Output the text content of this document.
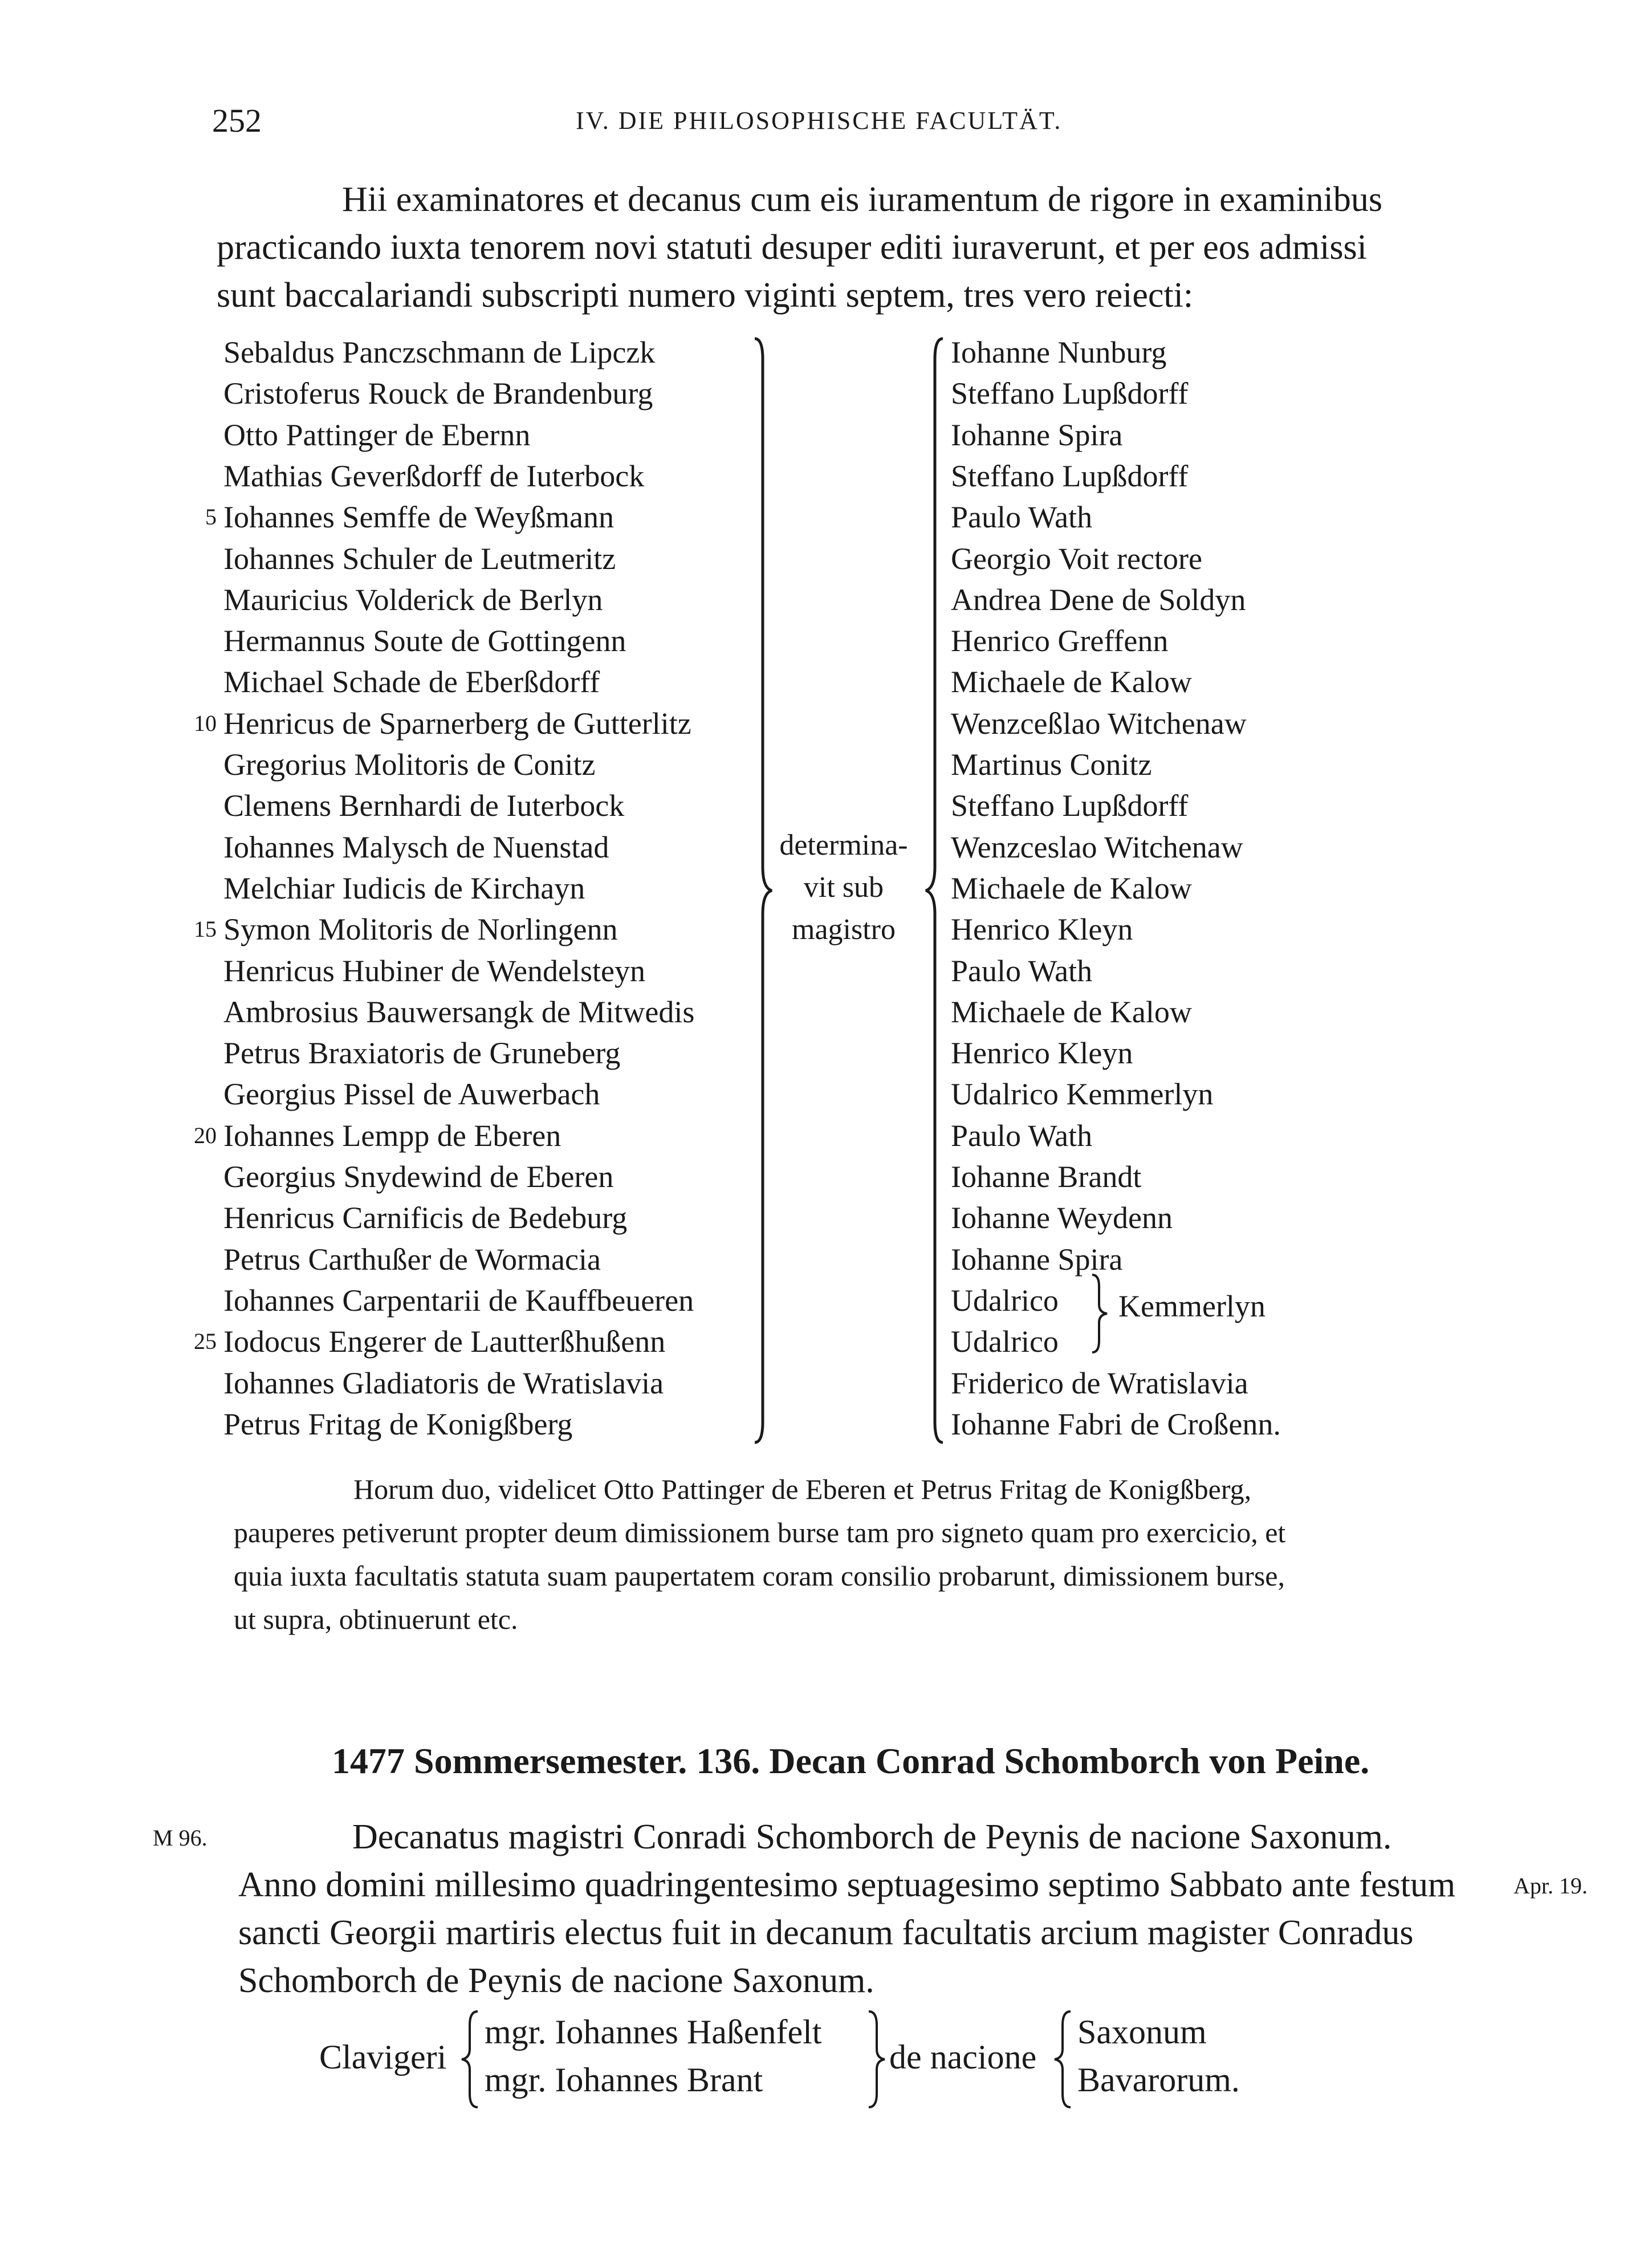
252	IV. DIE PHILOSOPHISCHE FACULTÄT.
Hii examinatores et decanus cum eis iuramentum de rigore in examinibus
practicando iuxta tenorem novi statuti desuper editi iuraverunt, et per eos admissi
sunt baccalariandi subscripti numero viginti septem, tres vero reiecti:
Sebaldus Panczschmann de Lipczk	Iohanne Nunburg
Cristoferus Rouck de Brandenburg	Steffano Lupßdorff
Otto Pattinger de Ebernn	Iohanne Spira
Mathias Geverßdorff de Iuterbock	Steffano Lupßdorff
5 Iohannes Semffe de Weyßmann	Paulo Wath
Iohannes Schuler de Leutmeritz	Georgio Voit rectore
Mauricius Volderick de Berlyn	Andrea Dene de Soldyn
Hermannus Soute de Gottingenn	Henrico Greffenn
Michael Schade de Eberßdorff	Michaele de Kalow
10 Henricus de Sparnerberg de Gutterlitz	Wenzceßlao Witchenaw
Gregorius Molitoris de Conitz	Martinus Conitz
Clemens Bernhardi de Iuterbock	Steffano Lupßdorff
Iohannes Malysch de Nuenstad	Wenzceslao Witchenaw
Melchiar Iudicis de Kirchayn	Michaele de Kalow
15 Symon Molitoris de Norlingenn	Henrico Kleyn
Henricus Hubiner de Wendelsteyn	Paulo Wath
Ambrosius Bauwersangk de Mitwedis	Michaele de Kalow
Petrus Braxiatoris de Gruneberg	Henrico Kleyn
Georgius Pissel de Auwerbach	Udalrico Kemmerlyn
20 Iohannes Lempp de Eberen	Paulo Wath
Georgius Snydewind de Eberen	Iohanne Brandt
Henricus Carnificis de Bedeburg	Iohanne Weydenn
Petrus Carthußer de Wormacia	Iohanne Spira
Iohannes Carpentarii de Kauffbeueren	Udalrico
25 Iodocus Engerer de Lautterßhußenn	Udalrico
Iohannes Gladiatoris de Wratislavia	Friderico de Wratislavia
Petrus Fritag de Konigßberg	Iohanne Fabri de Croßenn.
determina-
vit sub
magistro
Kemmerlyn
Horum duo, videlicet Otto Pattinger de Eberen et Petrus Fritag de Konigßberg,
pauperes petiverunt propter deum dimissionem burse tam pro signeto quam pro exercicio, et
quia iuxta facultatis statuta suam paupertatem coram consilio probarunt, dimissionem burse,
ut supra, obtinuerunt etc.
1477 Sommersemester. 136. Decan Conrad Schomborch von Peine.
M 96.
Apr. 19.
Decanatus magistri Conradi Schomborch de Peynis de nacione Saxonum.
Anno domini millesimo quadringentesimo septuagesimo septimo Sabbato ante festum
sancti Georgii martiris electus fuit in decanum facultatis arcium magister Conradus
Schomborch de Peynis de nacione Saxonum.
Clavigeri
mgr. Iohannes Haßenfelt
mgr. Iohannes Brant
de nacione
Saxonum
Bavarorum.
